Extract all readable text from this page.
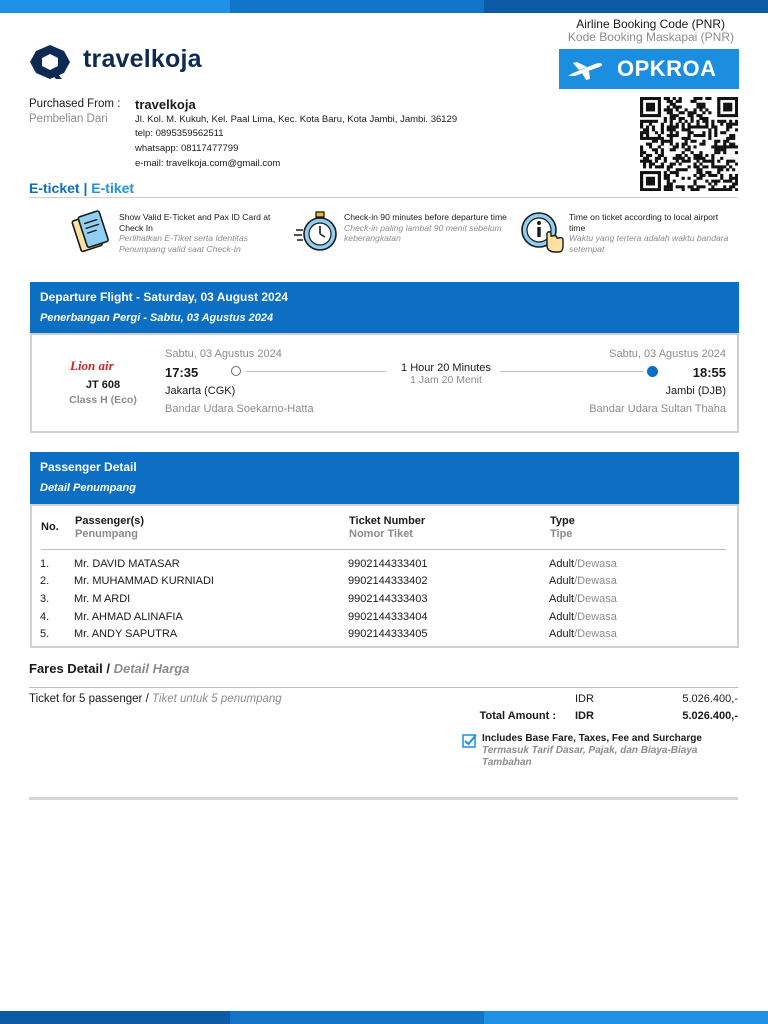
travelkoja
Airline Booking Code (PNR)
Kode Booking Maskapai (PNR)
OPKROA
Purchased From :
Pembelian Dari
travelkoja
Jl. Kol. M. Kukuh, Kel. Paal Lima, Kec. Kota Baru, Kota Jambi, Jambi. 36129
telp: 0895359562511
whatsapp: 08117477799
e-mail: travelkoja.com@gmail.com
E-ticket | E-tiket
Show Valid E-Ticket and Pax ID Card at Check In
Perlihatkan E-Tiket serta Identitas Penumpang valid saat Check-In
Check-in 90 minutes before departure time
Check-in paling lambat 90 menit sebelum keberangkatan
Time on ticket according to local airport time
Waktu yang tertera adalah waktu bandara setempat
Departure Flight - Saturday, 03 August 2024
Penerbangan Pergi - Sabtu, 03 Agustus 2024
Lion air
JT 608
Class H (Eco)
Sabtu, 03 Agustus 2024
17:35
Jakarta (CGK)
Bandar Udara Soekarno-Hatta
1 Hour 20 Minutes
1 Jam 20 Menit
Sabtu, 03 Agustus 2024
18:55
Jambi (DJB)
Bandar Udara Sultan Thaha
Passenger Detail
Detail Penumpang
No. Passenger(s)
Penumpang
Ticket Number
Nomor Tiket
Type
Tipe
1.	Mr. DAVID MATASAR	9902144333401	Adult/Dewasa
2.	Mr. MUHAMMAD KURNIADI	9902144333402	Adult/Dewasa
3.	Mr. M ARDI	9902144333403	Adult/Dewasa
4.	Mr. AHMAD ALINAFIA	9902144333404	Adult/Dewasa
5.	Mr. ANDY SAPUTRA	9902144333405	Adult/Dewasa
Fares Detail / Detail Harga
Ticket for 5 passenger / Tiket untuk 5 penumpang	IDR	5.026.400,-
Total Amount : IDR	5.026.400,-
Includes Base Fare, Taxes, Fee and Surcharge
Termasuk Tarif Dasar, Pajak, dan Biaya-Biaya Tambahan
